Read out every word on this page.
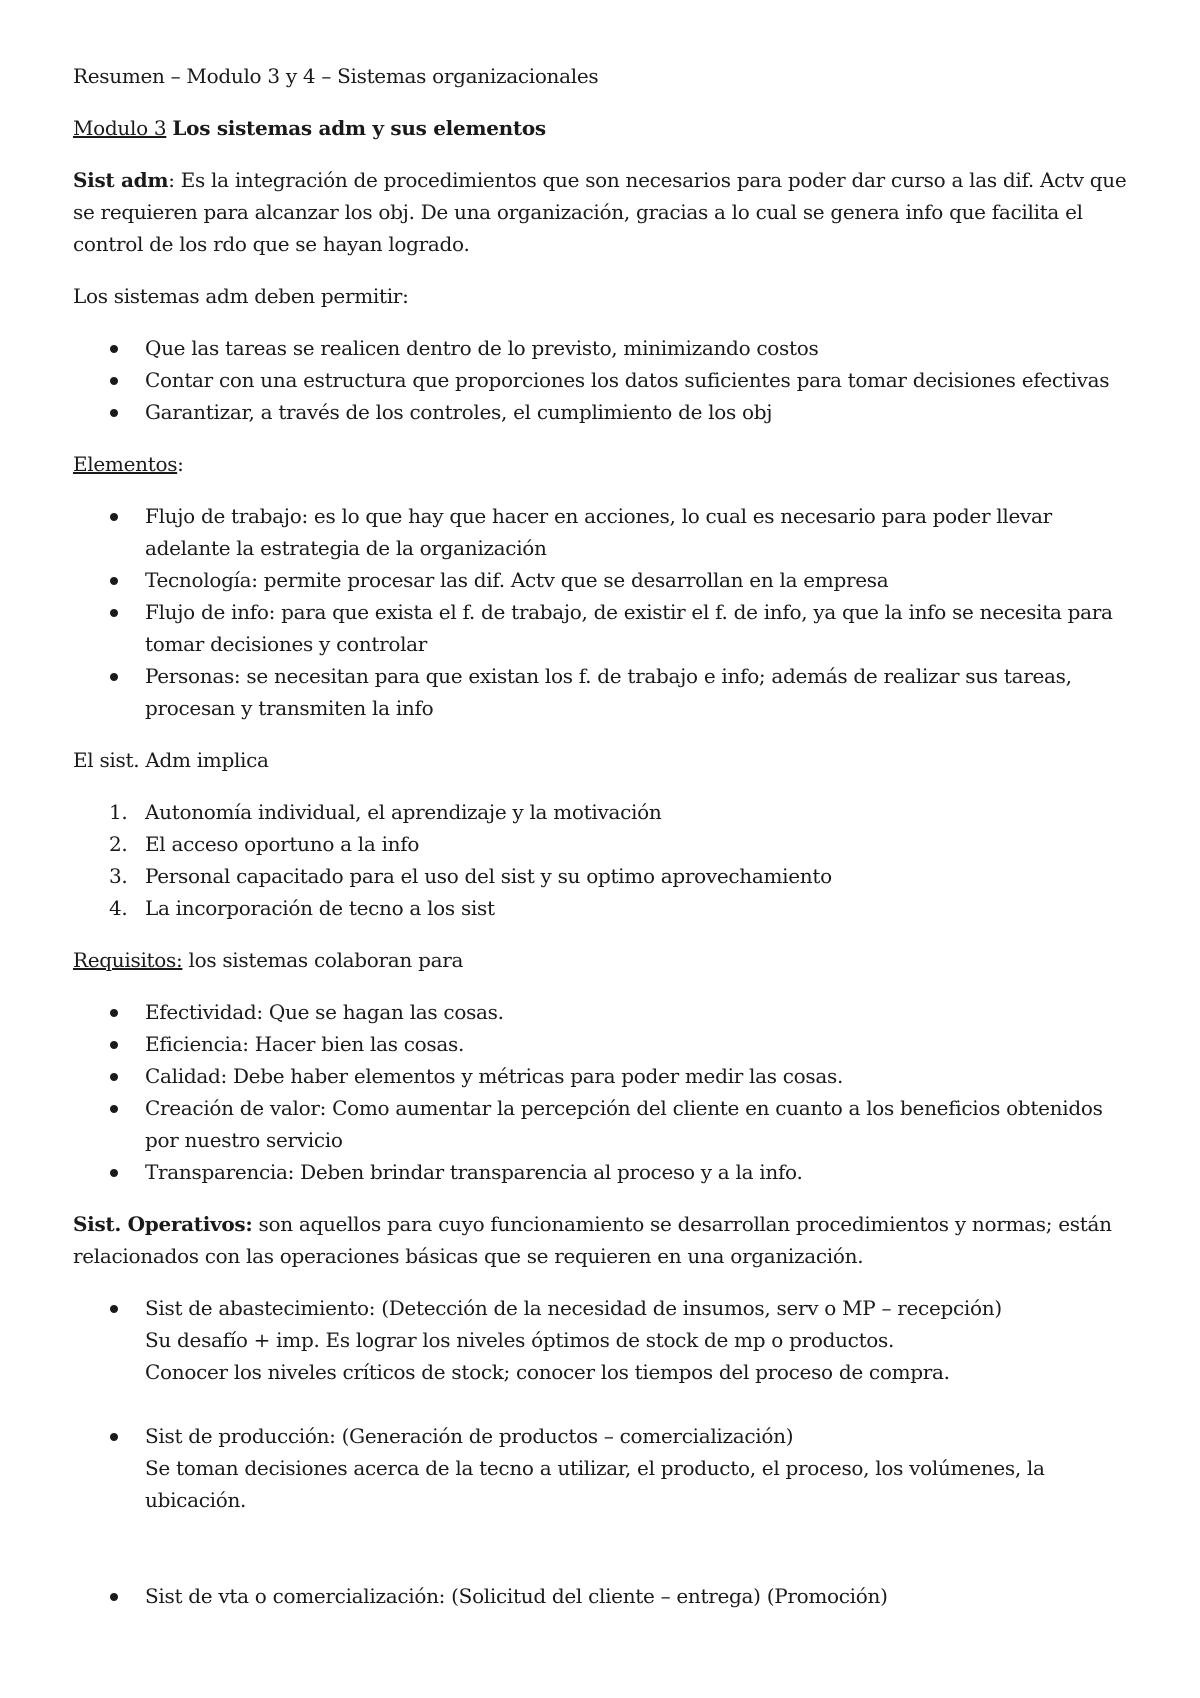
Resumen – Modulo 3 y 4 – Sistemas organizacionales

Modulo 3 Los sistemas adm y sus elementos

Sist adm: Es la integración de procedimientos que son necesarios para poder dar curso a las dif. Actv que se requieren para alcanzar los obj. De una organización, gracias a lo cual se genera info que facilita el control de los rdo que se hayan logrado.

Los sistemas adm deben permitir:

Que las tareas se realicen dentro de lo previsto, minimizando costos
Contar con una estructura que proporciones los datos suficientes para tomar decisiones efectivas
Garantizar, a través de los controles, el cumplimiento de los obj

Elementos:

Flujo de trabajo: es lo que hay que hacer en acciones, lo cual es necesario para poder llevar adelante la estrategia de la organización
Tecnología: permite procesar las dif. Actv que se desarrollan en la empresa
Flujo de info: para que exista el f. de trabajo, de existir el f. de info, ya que la info se necesita para tomar decisiones y controlar
Personas: se necesitan para que existan los f. de trabajo e info; además de realizar sus tareas, procesan y transmiten la info

El sist. Adm implica

1. Autonomía individual, el aprendizaje y la motivación
2. El acceso oportuno a la info
3. Personal capacitado para el uso del sist y su optimo aprovechamiento
4. La incorporación de tecno a los sist

Requisitos: los sistemas colaboran para

Efectividad: Que se hagan las cosas.
Eficiencia: Hacer bien las cosas.
Calidad: Debe haber elementos y métricas para poder medir las cosas.
Creación de valor: Como aumentar la percepción del cliente en cuanto a los beneficios obtenidos por nuestro servicio
Transparencia: Deben brindar transparencia al proceso y a la info.

Sist. Operativos: son aquellos para cuyo funcionamiento se desarrollan procedimientos y normas; están relacionados con las operaciones básicas que se requieren en una organización.

Sist de abastecimiento: (Detección de la necesidad de insumos, serv o MP – recepción)
Su desafío + imp. Es lograr los niveles óptimos de stock de mp o productos.
Conocer los niveles críticos de stock; conocer los tiempos del proceso de compra.
Sist de producción: (Generación de productos – comercialización)
Se toman decisiones acerca de la tecno a utilizar, el producto, el proceso, los volúmenes, la ubicación.
Sist de vta o comercialización: (Solicitud del cliente – entrega) (Promoción)
